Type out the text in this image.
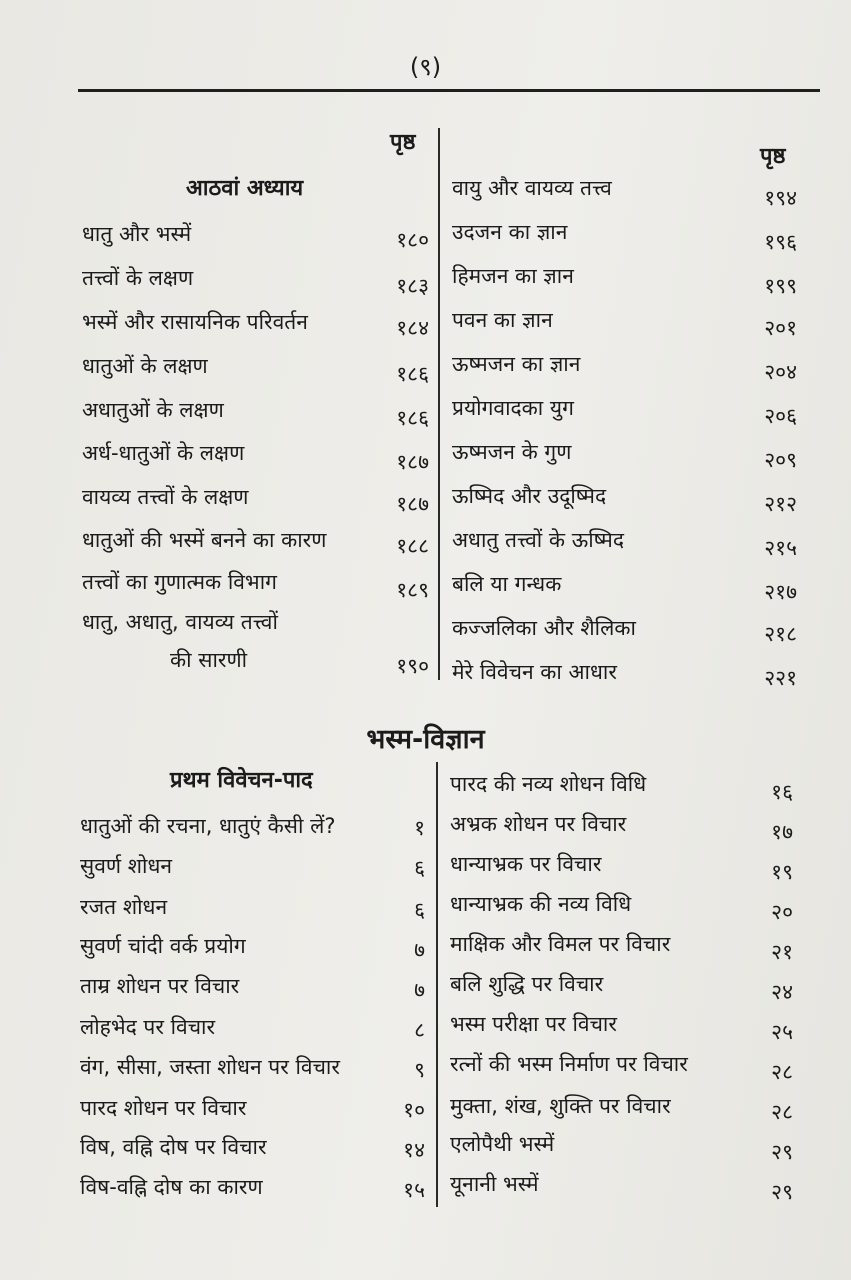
(९)
पृष्ठ
आठवां अध्याय
धातु और भस्में	१८०
तत्त्वों के लक्षण	१८३
भस्में और रासायनिक परिवर्तन	१८४
धातुओं के लक्षण	१८६
अधातुओं के लक्षण	१८६
अर्ध-धातुओं के लक्षण	१८७
वायव्य तत्त्वों के लक्षण	१८७
धातुओं की भस्में बनने का कारण	१८८
तत्त्वों का गुणात्मक विभाग	१८९
धातु, अधातु, वायव्य तत्त्वों
की सारणी	१९०
पृष्ठ
वायु और वायव्य तत्त्व	१९४
उदजन का ज्ञान	१९६
हिमजन का ज्ञान	१९९
पवन का ज्ञान	२०१
ऊष्मजन का ज्ञान	२०४
प्रयोगवादका युग	२०६
ऊष्मजन के गुण	२०९
ऊष्मिद और उदूष्मिद	२१२
अधातु तत्त्वों के ऊष्मिद	२१५
बलि या गन्धक	२१७
कज्जलिका और शैलिका	२१८
मेरे विवेचन का आधार	२२१
भस्म-विज्ञान
प्रथम विवेचन-पाद
धातुओं की रचना, धातुएं कैसी लें?	१
सुवर्ण शोधन	६
रजत शोधन	६
सुवर्ण चांदी वर्क प्रयोग	७
ताम्र शोधन पर विचार	७
लोहभेद पर विचार	८
वंग, सीसा, जस्ता शोधन पर विचार	९
पारद शोधन पर विचार	१०
विष, वह्नि दोष पर विचार	१४
विष-वह्नि दोष का कारण	१५
पारद की नव्य शोधन विधि	१६
अभ्रक शोधन पर विचार	१७
धान्याभ्रक पर विचार	१९
धान्याभ्रक की नव्य विधि	२०
माक्षिक और विमल पर विचार	२१
बलि शुद्धि पर विचार	२४
भस्म परीक्षा पर विचार	२५
रत्नों की भस्म निर्माण पर विचार	२८
मुक्ता, शंख, शुक्ति पर विचार	२८
एलोपैथी भस्में	२९
यूनानी भस्में	२९
